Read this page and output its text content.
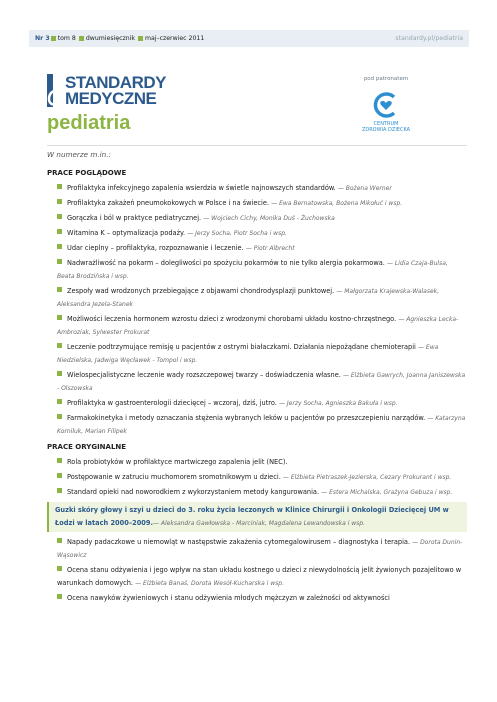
Nr 3 tom 8 dwumiesięcznik maj–czerwiec 2011	standardy.pl/pediatria
STANDARDY
MEDYCZNE
pediatria
pod patronatem
CENTRUM
ZDROWIA DZIECKA
W numerze m.in.:
PRACE POGLĄDOWE
Profilaktyka infekcyjnego zapalenia wsierdzia w świetle najnowszych standardów. — Bożena Werner
Profilaktyka zakażeń pneumokokowych w Polsce i na świecie. — Ewa Bernatowska, Bożena Mikołuć i wsp.
Gorączka i ból w praktyce pediatrycznej. — Wojciech Cichy, Monika Duś - Żuchowska
Witamina K – optymalizacja podaży. — Jerzy Socha, Piotr Socha i wsp.
Udar cieplny – profilaktyka, rozpoznawanie i leczenie. — Piotr Albrecht
Nadwrażliwość na pokarm – dolegliwości po spożyciu pokarmów to nie tylko alergia pokarmowa. — Lidia Czaja-Bulsa, Beata Brodzińska i wsp.
Zespoły wad wrodzonych przebiegające z objawami chondrodysplazji punktowej. — Małgorzata Krajewska-Walasek, Aleksandra Jezela-Stanek
Możliwości leczenia hormonem wzrostu dzieci z wrodzonymi chorobami układu kostno-chrzęstnego. — Agnieszka Lecka-Ambroziak, Sylwester Prokurat
Leczenie podtrzymujące remisję u pacjentów z ostrymi białaczkami. Działania niepożądane chemioterapii — Ewa Niedzielska, Jadwiga Węcławek - Tompol i wsp.
Wielospecjalistyczne leczenie wady rozszczepowej twarzy – doświadczenia własne. — Elżbieta Gawrych, Joanna Janiszewska - Olszowska
Profilaktyka w gastroenterologii dziecięcej – wczoraj, dziś, jutro. — Jerzy Socha, Agnieszka Bakuła i wsp.
Farmakokinetyka i metody oznaczania stężenia wybranych leków u pacjentów po przeszczepieniu narządów. — Katarzyna Korniluk, Marian Filipek
PRACE ORYGINALNE
Rola probiotyków w profilaktyce martwiczego zapalenia jelit (NEC).
Postępowanie w zatruciu muchomorem sromotnikowym u dzieci. — Elżbieta Pietraszek-Jezierska, Cezary Prokurant i wsp.
Standard opieki nad noworodkiem z wykorzystaniem metody kangurowania. — Estera Michalska, Grażyna Gebuza i wsp.
Guzki skóry głowy i szyi u dzieci do 3. roku życia leczonych w Klinice Chirurgii i Onkologii Dziecięcej UM w Łodzi w latach 2000–2009.— Aleksandra Gawłowska - Marciniak, Magdalena Lewandowska i wsp.
Napady padaczkowe u niemowląt w następstwie zakażenia cytomegalowirusem – diagnostyka i terapia. — Dorota Dunin-Wąsowicz
Ocena stanu odżywienia i jego wpływ na stan układu kostnego u dzieci z niewydolnością jelit żywionych pozajelitowo w warunkach domowych. — Elżbieta Banaś, Dorota Wesół-Kucharska i wsp.
Ocena nawyków żywieniowych i stanu odżywienia młodych mężczyzn w zależności od aktywności
